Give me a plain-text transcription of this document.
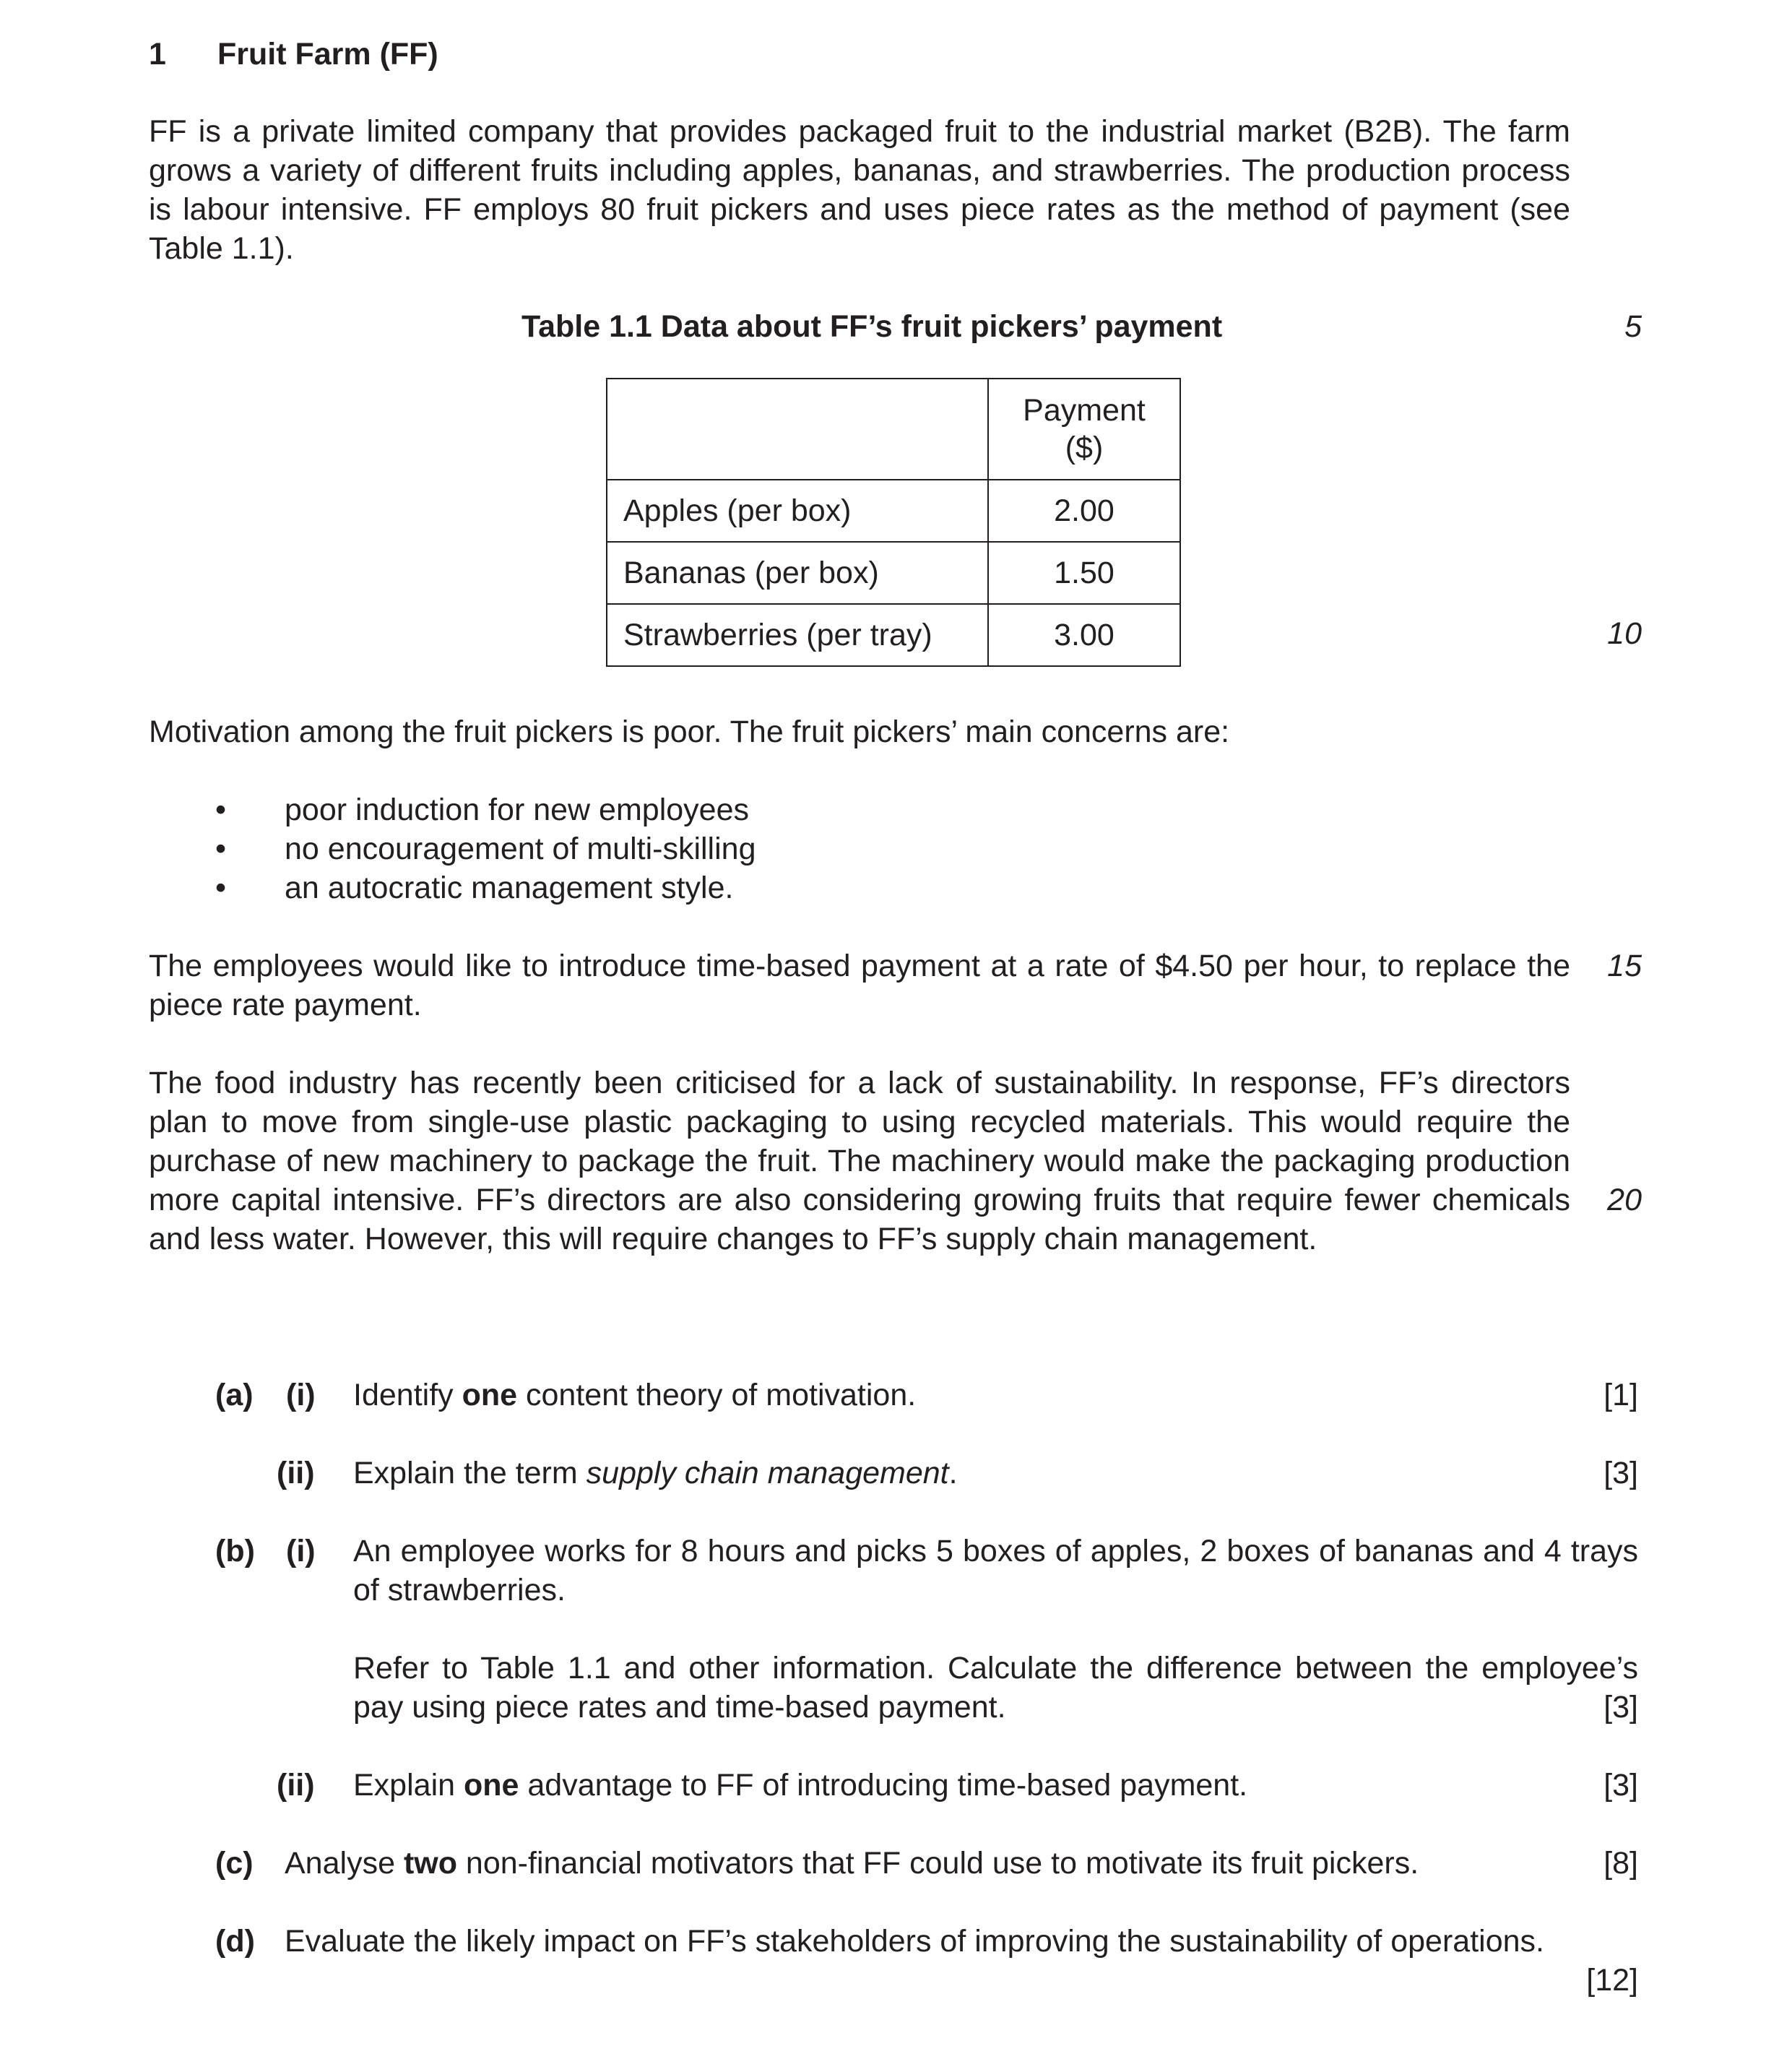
1 Fruit Farm (FF)
FF is a private limited company that provides packaged fruit to the industrial market (B2B). The farm grows a variety of different fruits including apples, bananas, and strawberries. The production process is labour intensive. FF employs 80 fruit pickers and uses piece rates as the method of payment (see Table 1.1).
Table 1.1 Data about FF’s fruit pickers’ payment	5

	Payment
($)

Apples (per box)	2.00
Bananas (per box)	1.50
Strawberries (per tray)	3.00	10
Motivation among the fruit pickers is poor. The fruit pickers’ main concerns are:
• poor induction for new employees
• no encouragement of multi-skilling
• an autocratic management style.
The employees would like to introduce time-based payment at a rate of $4.50 per hour, to replace the piece rate payment.
15
The food industry has recently been criticised for a lack of sustainability. In response, FF’s directors plan to move from single-use plastic packaging to using recycled materials. This would require the purchase of new machinery to package the fruit. The machinery would make the packaging production more capital intensive. FF’s directors are also considering growing fruits that require fewer chemicals and less water. However, this will require changes to FF’s supply chain management.
20
(a) (i) Identify one content theory of motivation.	[1]
(ii) Explain the term supply chain management.	[3]
(b) (i) An employee works for 8 hours and picks 5 boxes of apples, 2 boxes of bananas and 4 trays of strawberries.
Refer to Table 1.1 and other information. Calculate the difference between the employee’s pay using piece rates and time-based payment.	[3]
(ii) Explain one advantage to FF of introducing time-based payment.	[3]
(c) Analyse two non-financial motivators that FF could use to motivate its fruit pickers.	[8]
(d) Evaluate the likely impact on FF’s stakeholders of improving the sustainability of operations.
[12]
